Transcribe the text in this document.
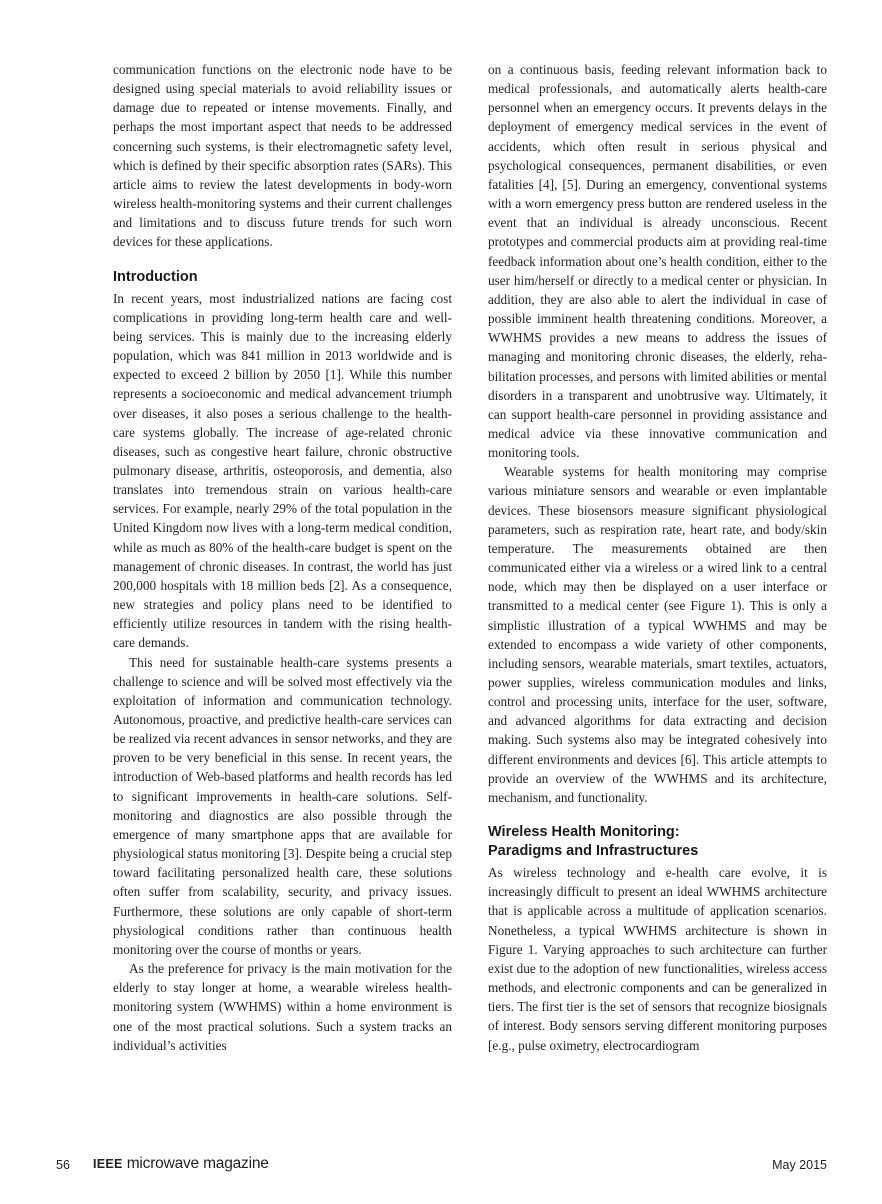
communication functions on the electronic node have to be designed using special materials to avoid reliability issues or damage due to repeated or intense movements. Finally, and perhaps the most important aspect that needs to be addressed concerning such systems, is their electromagnetic safety level, which is defined by their specific absorption rates (SARs). This article aims to review the latest developments in body-worn wireless health-monitoring systems and their current challenges and limitations and to discuss future trends for such worn devices for these applications.

Introduction

In recent years, most industrialized nations are facing cost complications in providing long-term health care and well-being services. This is mainly due to the increasing elderly population, which was 841 million in 2013 worldwide and is expected to exceed 2 billion by 2050 [1]. While this number represents a socioeconomic and medical advancement triumph over diseases, it also poses a serious challenge to the health-care systems globally. The increase of age-related chronic diseases, such as congestive heart failure, chronic obstructive pulmonary disease, arthritis, osteoporosis, and dementia, also translates into tremendous strain on various health-care services. For example, nearly 29% of the total population in the United Kingdom now lives with a long-term medical condition, while as much as 80% of the health-care budget is spent on the management of chronic diseases. In contrast, the world has just 200,000 hospitals with 18 million beds [2]. As a consequence, new strategies and policy plans need to be identified to efficiently utilize resources in tandem with the rising health-care demands.

This need for sustainable health-care systems presents a challenge to science and will be solved most effectively via the exploitation of information and communication technology. Autonomous, proactive, and predictive health-care services can be realized via recent advances in sensor networks, and they are proven to be very beneficial in this sense. In recent years, the introduction of Web-based platforms and health records has led to significant improvements in health-care solutions. Self-monitoring and diagnostics are also possible through the emergence of many smartphone apps that are available for physiological status monitoring [3]. Despite being a crucial step toward facilitating personalized health care, these solutions often suffer from scalability, security, and privacy issues. Furthermore, these solutions are only capable of short-term physiological conditions rather than continuous health monitoring over the course of months or years.

As the preference for privacy is the main motivation for the elderly to stay longer at home, a wearable wireless health-monitoring system (WWHMS) within a home environment is one of the most practical solutions. Such a system tracks an individual’s activities

on a continuous basis, feeding relevant information back to medical professionals, and automatically alerts health-care personnel when an emergency occurs. It prevents delays in the deployment of emergency medical services in the event of accidents, which often result in serious physical and psychological consequences, permanent disabilities, or even fatalities [4], [5]. During an emergency, conventional systems with a worn emergency press button are rendered useless in the event that an individual is already unconscious. Recent prototypes and commercial products aim at providing real-time feedback information about one’s health condition, either to the user him/herself or directly to a medical center or physician. In addition, they are also able to alert the individual in case of possible imminent health threatening conditions. Moreover, a WWHMS provides a new means to address the issues of managing and monitoring chronic diseases, the elderly, rehabilitation processes, and persons with limited abilities or mental disorders in a transparent and unobtrusive way. Ultimately, it can support health-care personnel in providing assistance and medical advice via these innovative communication and monitoring tools.

Wearable systems for health monitoring may comprise various miniature sensors and wearable or even implantable devices. These biosensors measure significant physiological parameters, such as respiration rate, heart rate, and body/skin temperature. The measurements obtained are then communicated either via a wireless or a wired link to a central node, which may then be displayed on a user interface or transmitted to a medical center (see Figure 1). This is only a simplistic illustration of a typical WWHMS and may be extended to encompass a wide variety of other components, including sensors, wearable materials, smart textiles, actuators, power supplies, wireless communication modules and links, control and processing units, interface for the user, software, and advanced algorithms for data extracting and decision making. Such systems also may be integrated cohesively into different environments and devices [6]. This article attempts to provide an overview of the WWHMS and its architecture, mechanism, and functionality.

Wireless Health Monitoring:
Paradigms and Infrastructures

As wireless technology and e-health care evolve, it is increasingly difficult to present an ideal WWHMS architecture that is applicable across a multitude of application scenarios. Nonetheless, a typical WWHMS architecture is shown in Figure 1. Varying approaches to such architecture can further exist due to the adoption of new functionalities, wireless access methods, and electronic components and can be generalized in tiers. The first tier is the set of sensors that recognize biosignals of interest. Body sensors serving different monitoring purposes [e.g., pulse oximetry, electrocardiogram

56 IEEE microwave magazine	May 2015
